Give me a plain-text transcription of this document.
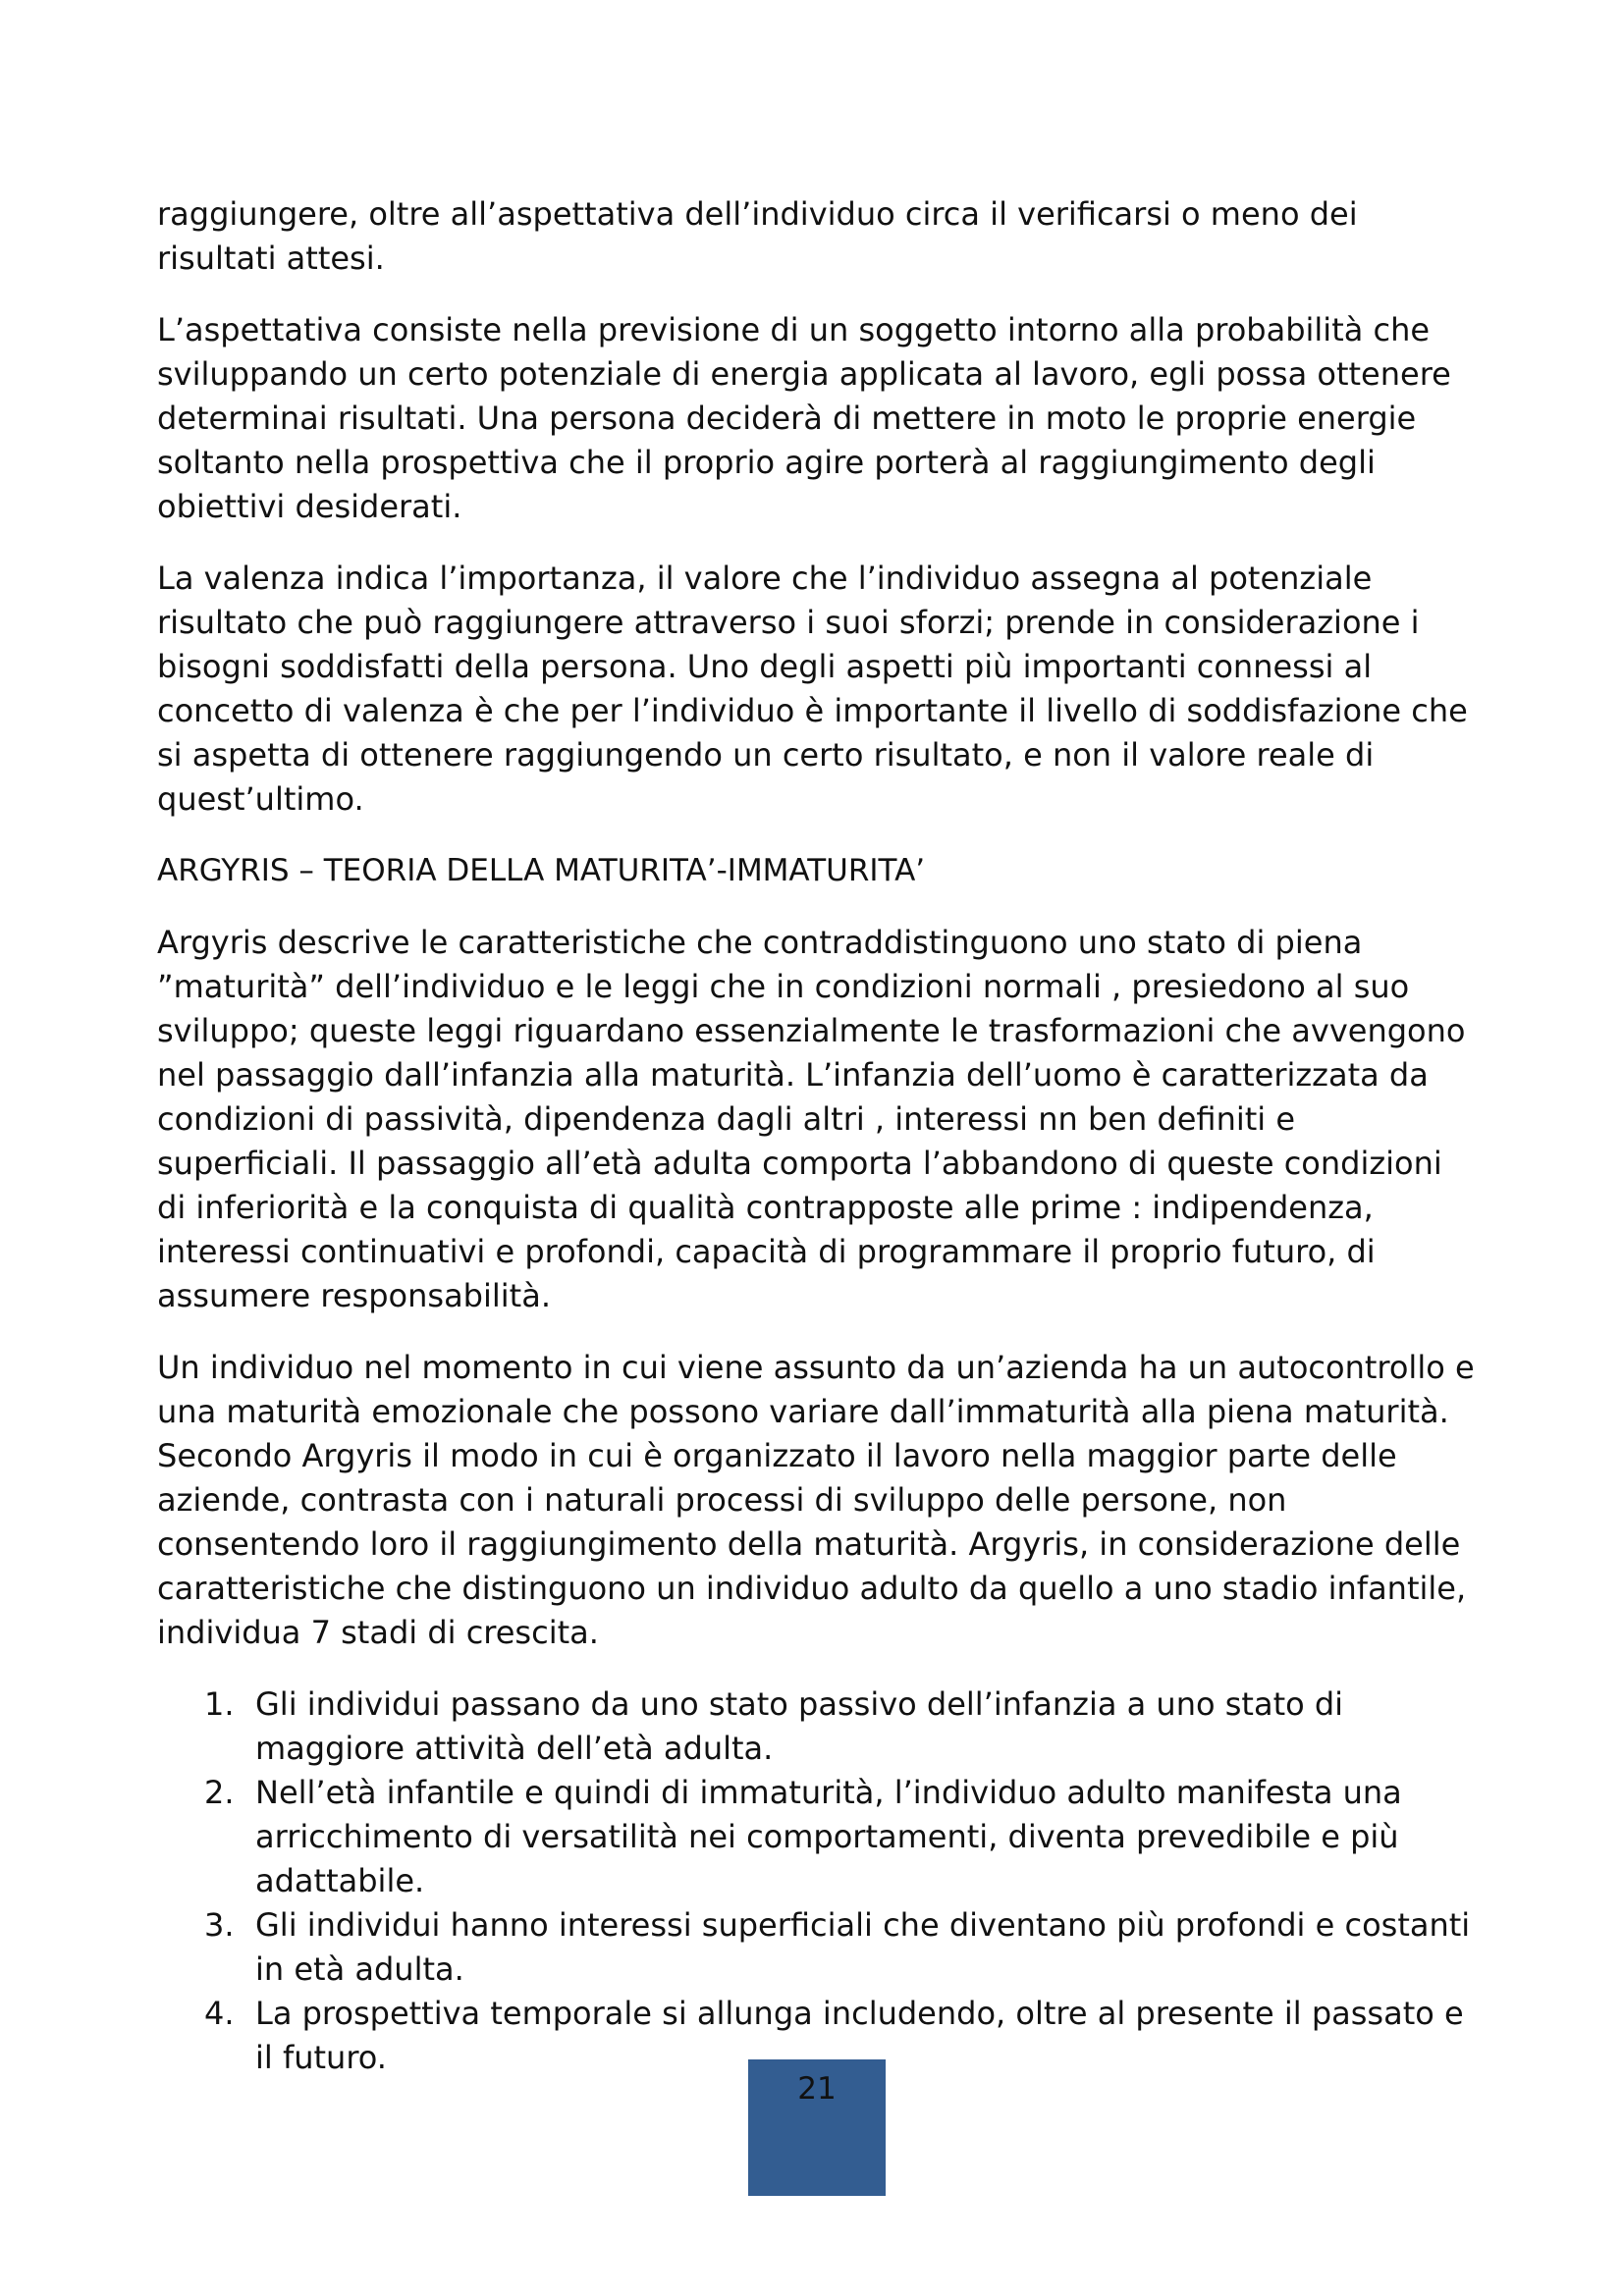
raggiungere, oltre all’aspettativa dell’individuo circa il verificarsi o meno dei risultati attesi.

L’aspettativa consiste nella previsione di un soggetto intorno alla probabilità che sviluppando un certo potenziale di energia applicata al lavoro, egli possa ottenere determinai risultati. Una persona deciderà di mettere in moto le proprie energie soltanto nella prospettiva che il proprio agire porterà al raggiungimento degli obiettivi desiderati.

La valenza indica l’importanza, il valore che l’individuo assegna al potenziale risultato che può raggiungere attraverso i suoi sforzi; prende in considerazione i bisogni soddisfatti della persona. Uno degli aspetti più importanti connessi al concetto di valenza è che per l’individuo è importante il livello di soddisfazione che si aspetta di ottenere raggiungendo un certo risultato, e non il valore reale di quest’ultimo.

ARGYRIS – TEORIA DELLA MATURITA’-IMMATURITA’

Argyris descrive le caratteristiche che contraddistinguono uno stato di piena ”maturità” dell’individuo e le leggi che in condizioni normali , presiedono al suo sviluppo; queste leggi riguardano essenzialmente le trasformazioni che avvengono nel passaggio dall’infanzia alla maturità. L’infanzia dell’uomo è caratterizzata da condizioni di passività, dipendenza dagli altri , interessi nn ben definiti e superficiali. Il passaggio all’età adulta comporta l’abbandono di queste condizioni di inferiorità e la conquista di qualità contrapposte alle prime : indipendenza, interessi continuativi e profondi, capacità di programmare il proprio futuro, di assumere responsabilità.

Un individuo nel momento in cui viene assunto da un’azienda ha un autocontrollo e una maturità emozionale che possono variare dall’immaturità alla piena maturità. Secondo Argyris il modo in cui è organizzato il lavoro nella maggior parte delle aziende, contrasta con i naturali processi di sviluppo delle persone, non consentendo loro il raggiungimento della maturità. Argyris, in considerazione delle caratteristiche che distinguono un individuo adulto da quello a uno stadio infantile, individua 7 stadi di crescita.

1. Gli individui passano da uno stato passivo dell’infanzia a uno stato di maggiore attività dell’età adulta.
2. Nell’età infantile e quindi di immaturità, l’individuo adulto manifesta una arricchimento di versatilità nei comportamenti, diventa prevedibile e più adattabile.
3. Gli individui hanno interessi superficiali che diventano più profondi e costanti in età adulta.
4. La prospettiva temporale si allunga includendo, oltre al presente il passato e il futuro.
21
